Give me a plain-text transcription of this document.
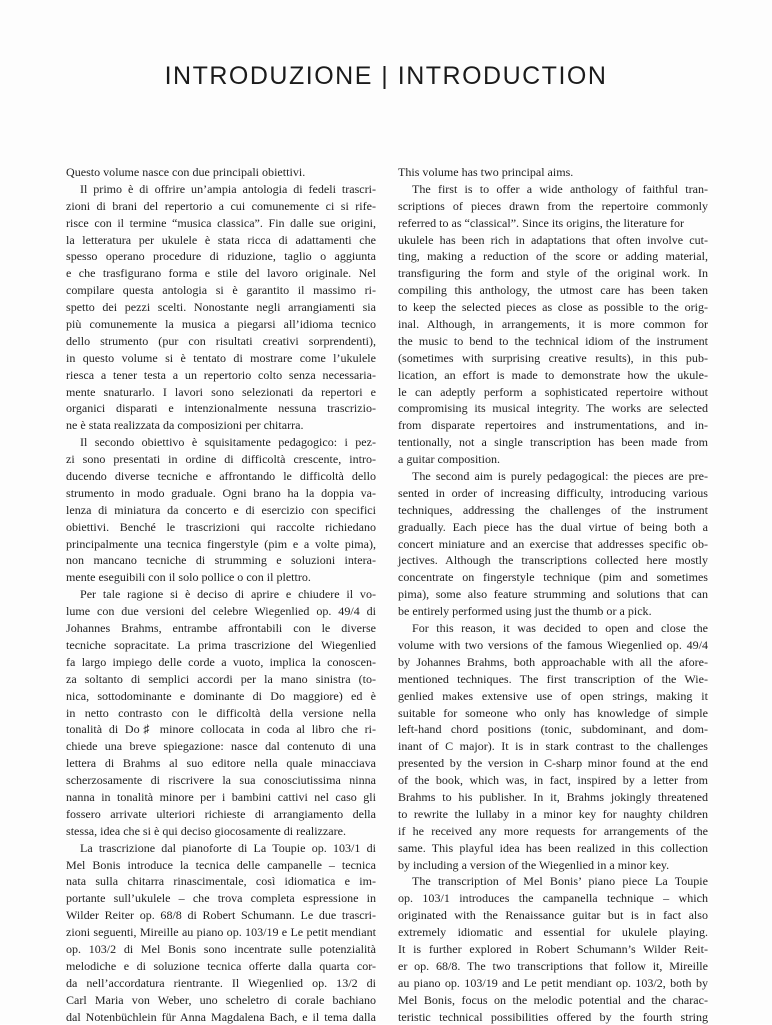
INTRODUZIONE | INTRODUCTION
Questo volume nasce con due principali obiettivi.
Il primo è di offrire un’ampia antologia di fedeli trascri-
zioni di brani del repertorio a cui comunemente ci si rife-
risce con il termine “musica classica”. Fin dalle sue origini,
la letteratura per ukulele è stata ricca di adattamenti che
spesso operano procedure di riduzione, taglio o aggiunta
e che trasfigurano forma e stile del lavoro originale. Nel
compilare questa antologia si è garantito il massimo ri-
spetto dei pezzi scelti. Nonostante negli arrangiamenti sia
più comunemente la musica a piegarsi all’idioma tecnico
dello strumento (pur con risultati creativi sorprendenti),
in questo volume si è tentato di mostrare come l’ukulele
riesca a tener testa a un repertorio colto senza necessaria-
mente snaturarlo. I lavori sono selezionati da repertori e
organici disparati e intenzionalmente nessuna trascrizio-
ne è stata realizzata da composizioni per chitarra.
Il secondo obiettivo è squisitamente pedagogico: i pez-
zi sono presentati in ordine di difficoltà crescente, intro-
ducendo diverse tecniche e affrontando le difficoltà dello
strumento in modo graduale. Ogni brano ha la doppia va-
lenza di miniatura da concerto e di esercizio con specifici
obiettivi. Benché le trascrizioni qui raccolte richiedano
principalmente una tecnica fingerstyle (pim e a volte pima),
non mancano tecniche di strumming e soluzioni intera-
mente eseguibili con il solo pollice o con il plettro.
Per tale ragione si è deciso di aprire e chiudere il vo-
lume con due versioni del celebre Wiegenlied op. 49/4 di
Johannes Brahms, entrambe affrontabili con le diverse
tecniche sopracitate. La prima trascrizione del Wiegenlied
fa largo impiego delle corde a vuoto, implica la conoscen-
za soltanto di semplici accordi per la mano sinistra (to-
nica, sottodominante e dominante di Do maggiore) ed è
in netto contrasto con le difficoltà della versione nella
tonalità di Do♯ minore collocata in coda al libro che ri-
chiede una breve spiegazione: nasce dal contenuto di una
lettera di Brahms al suo editore nella quale minacciava
scherzosamente di riscrivere la sua conosciutissima ninna
nanna in tonalità minore per i bambini cattivi nel caso gli
fossero arrivate ulteriori richieste di arrangiamento della
stessa, idea che si è qui deciso giocosamente di realizzare.
La trascrizione dal pianoforte di La Toupie op. 103/1 di
Mel Bonis introduce la tecnica delle campanelle – tecnica
nata sulla chitarra rinascimentale, così idiomatica e im-
portante sull’ukulele – che trova completa espressione in
Wilder Reiter op. 68/8 di Robert Schumann. Le due trascri-
zioni seguenti, Mireille au piano op. 103/19 e Le petit mendiant
op. 103/2 di Mel Bonis sono incentrate sulle potenzialità
melodiche e di soluzione tecnica offerte dalla quarta cor-
da nell’accordatura rientrante. Il Wiegenlied op. 13/2 di
Carl Maria von Weber, uno scheletro di corale bachiano
dal Notenbüchlein für Anna Magdalena Bach, e il tema dalla
This volume has two principal aims.
The first is to offer a wide anthology of faithful tran-
scriptions of pieces drawn from the repertoire commonly
referred to as “classical”. Since its origins, the literature for
ukulele has been rich in adaptations that often involve cut-
ting, making a reduction of the score or adding material,
transfiguring the form and style of the original work. In
compiling this anthology, the utmost care has been taken
to keep the selected pieces as close as possible to the orig-
inal. Although, in arrangements, it is more common for
the music to bend to the technical idiom of the instrument
(sometimes with surprising creative results), in this pub-
lication, an effort is made to demonstrate how the ukule-
le can adeptly perform a sophisticated repertoire without
compromising its musical integrity. The works are selected
from disparate repertoires and instrumentations, and in-
tentionally, not a single transcription has been made from
a guitar composition.
The second aim is purely pedagogical: the pieces are pre-
sented in order of increasing difficulty, introducing various
techniques, addressing the challenges of the instrument
gradually. Each piece has the dual virtue of being both a
concert miniature and an exercise that addresses specific ob-
jectives. Although the transcriptions collected here mostly
concentrate on fingerstyle technique (pim and sometimes
pima), some also feature strumming and solutions that can
be entirely performed using just the thumb or a pick.
For this reason, it was decided to open and close the
volume with two versions of the famous Wiegenlied op. 49/4
by Johannes Brahms, both approachable with all the afore-
mentioned techniques. The first transcription of the Wie-
genlied makes extensive use of open strings, making it
suitable for someone who only has knowledge of simple
left-hand chord positions (tonic, subdominant, and dom-
inant of C major). It is in stark contrast to the challenges
presented by the version in C-sharp minor found at the end
of the book, which was, in fact, inspired by a letter from
Brahms to his publisher. In it, Brahms jokingly threatened
to rewrite the lullaby in a minor key for naughty children
if he received any more requests for arrangements of the
same. This playful idea has been realized in this collection
by including a version of the Wiegenlied in a minor key.
The transcription of Mel Bonis’ piano piece La Toupie
op. 103/1 introduces the campanella technique – which
originated with the Renaissance guitar but is in fact also
extremely idiomatic and essential for ukulele playing.
It is further explored in Robert Schumann’s Wilder Reit-
er op. 68/8. The two transcriptions that follow it, Mireille
au piano op. 103/19 and Le petit mendiant op. 103/2, both by
Mel Bonis, focus on the melodic potential and the charac-
teristic technical possibilities offered by the fourth string
